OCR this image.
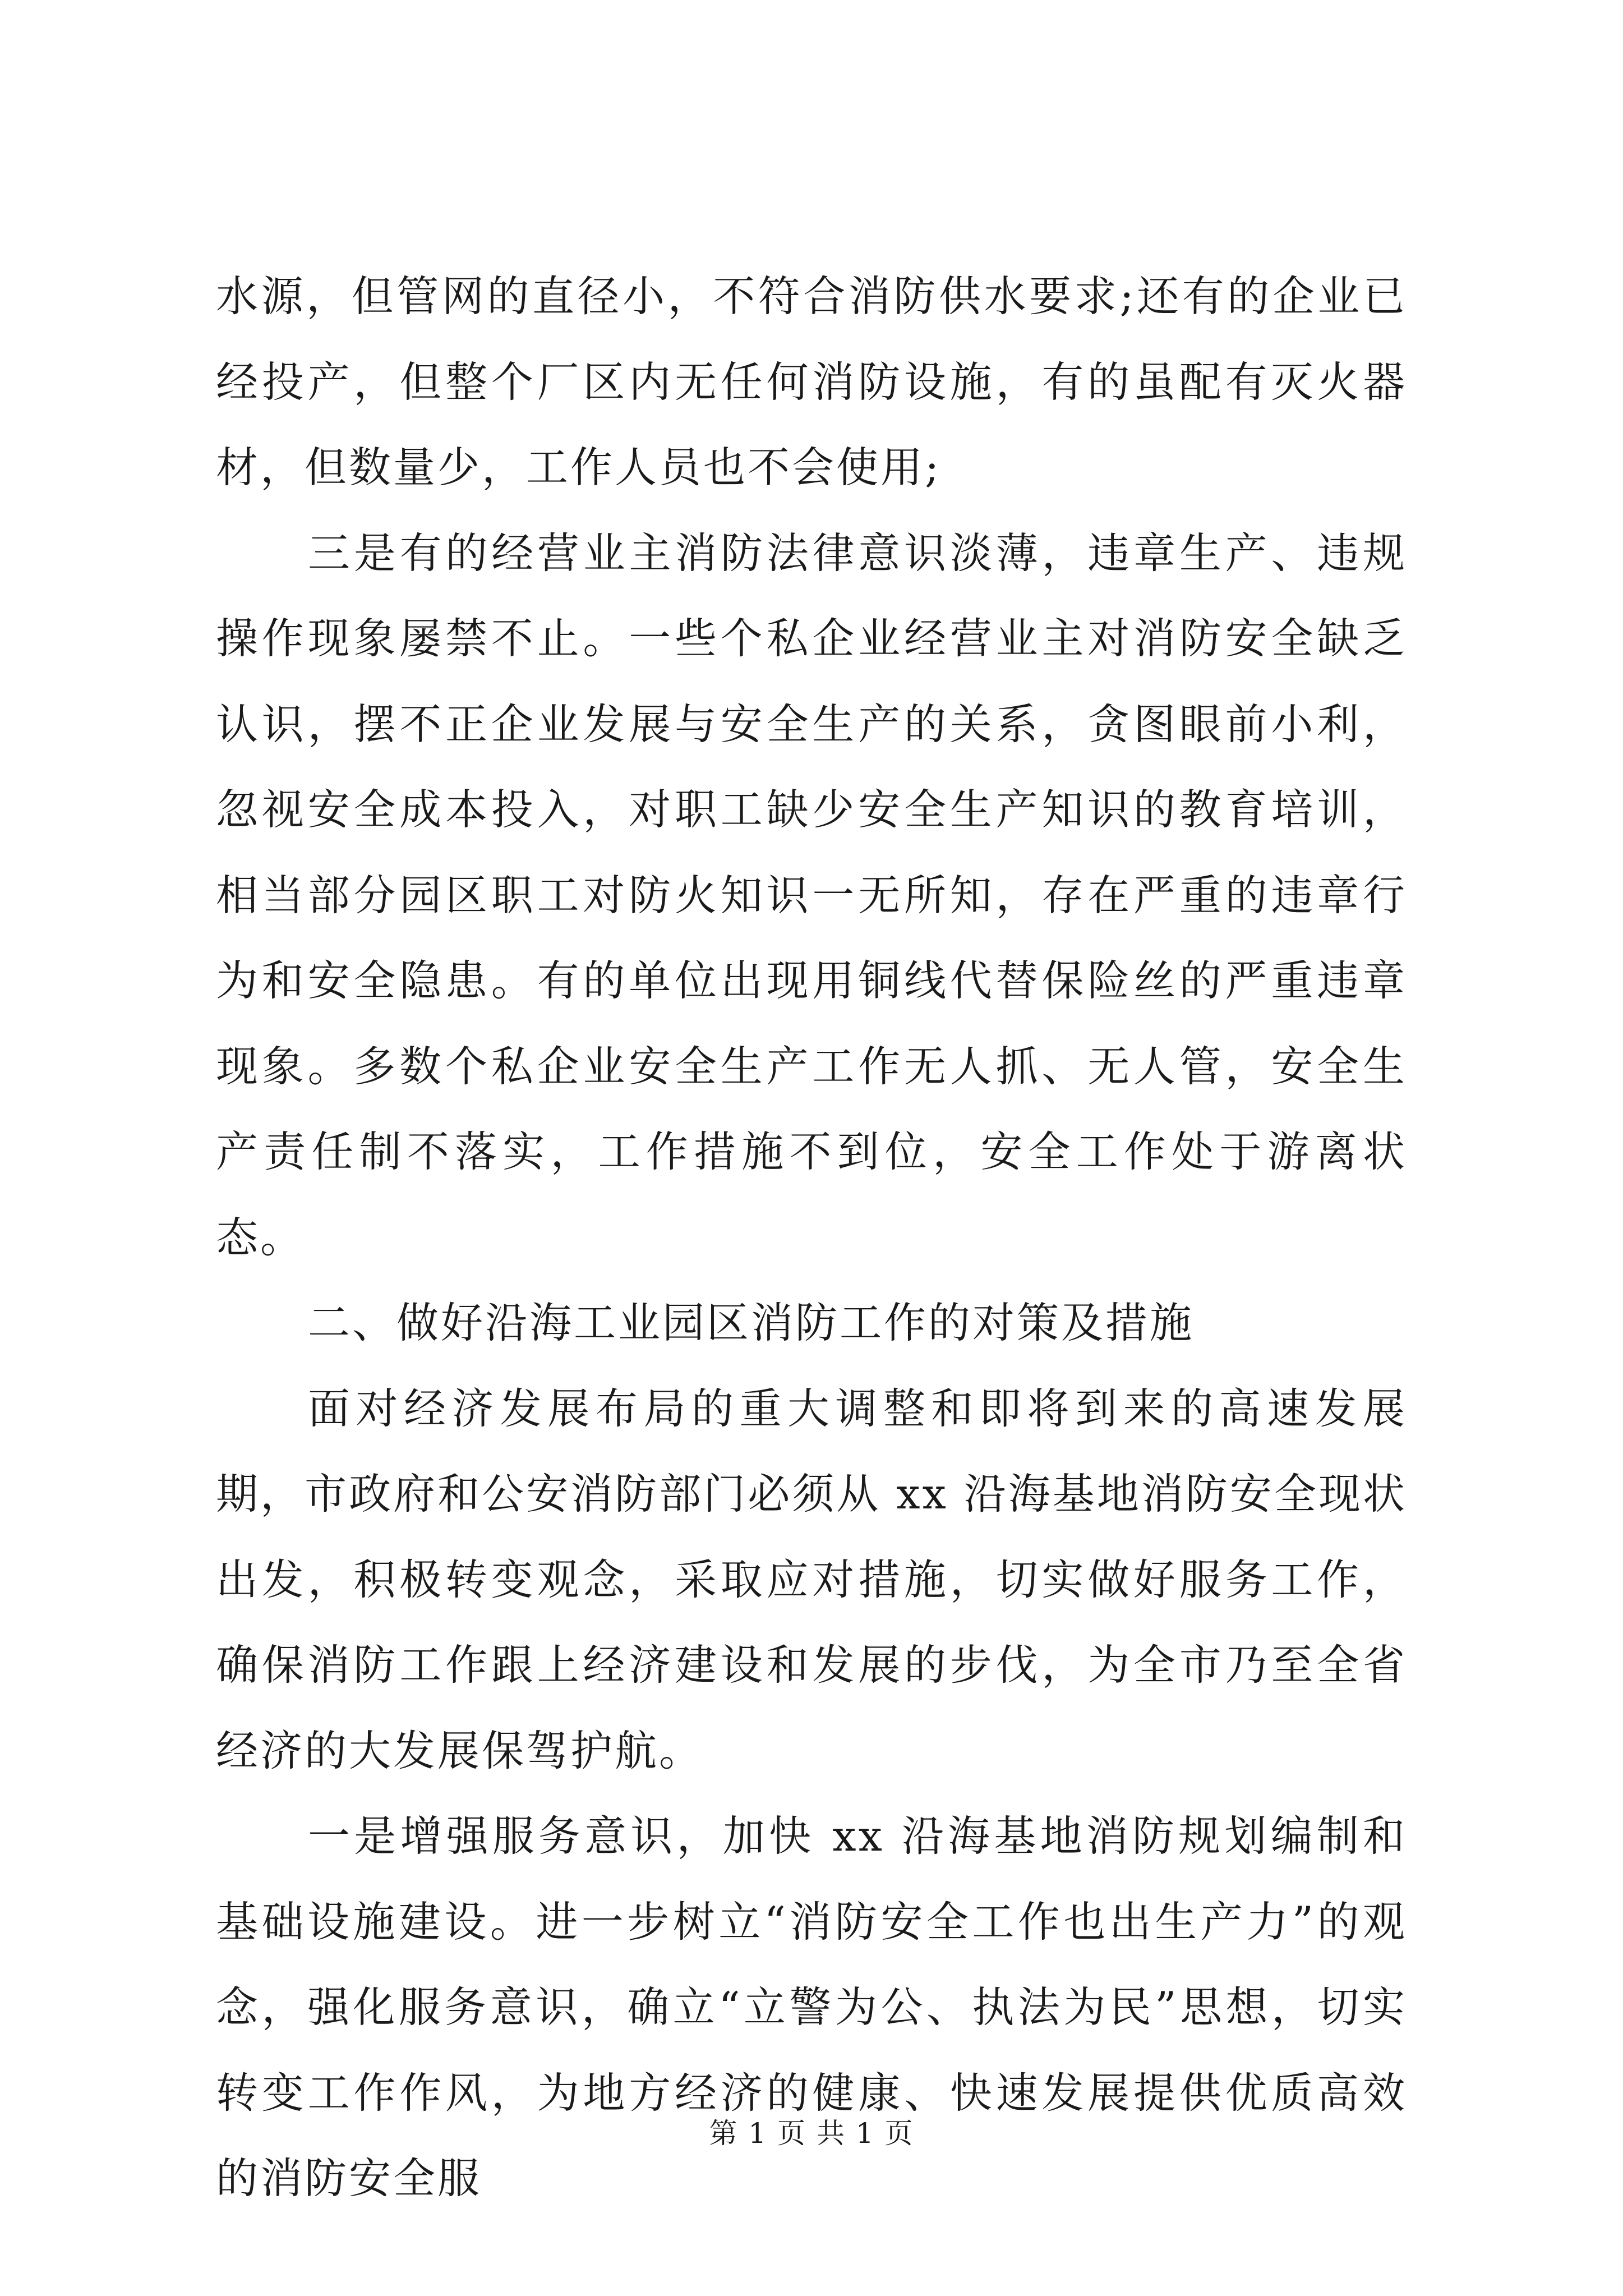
水源，但管网的直径小，不符合消防供水要求;还有的企业已经投产，但整个厂区内无任何消防设施，有的虽配有灭火器材，但数量少，工作人员也不会使用;

三是有的经营业主消防法律意识淡薄，违章生产、违规操作现象屡禁不止。一些个私企业经营业主对消防安全缺乏认识，摆不正企业发展与安全生产的关系，贪图眼前小利，忽视安全成本投入，对职工缺少安全生产知识的教育培训，相当部分园区职工对防火知识一无所知，存在严重的违章行为和安全隐患。有的单位出现用铜线代替保险丝的严重违章现象。多数个私企业安全生产工作无人抓、无人管，安全生产责任制不落实，工作措施不到位，安全工作处于游离状态。

二、做好沿海工业园区消防工作的对策及措施

面对经济发展布局的重大调整和即将到来的高速发展期，市政府和公安消防部门必须从 xx 沿海基地消防安全现状出发，积极转变观念，采取应对措施，切实做好服务工作，确保消防工作跟上经济建设和发展的步伐，为全市乃至全省经济的大发展保驾护航。

一是增强服务意识，加快 xx 沿海基地消防规划编制和基础设施建设。进一步树立“消防安全工作也出生产力”的观念，强化服务意识，确立“立警为公、执法为民”思想，切实转变工作作风，为地方经济的健康、快速发展提供优质高效的消防安全服

第 1 页 共 1 页
